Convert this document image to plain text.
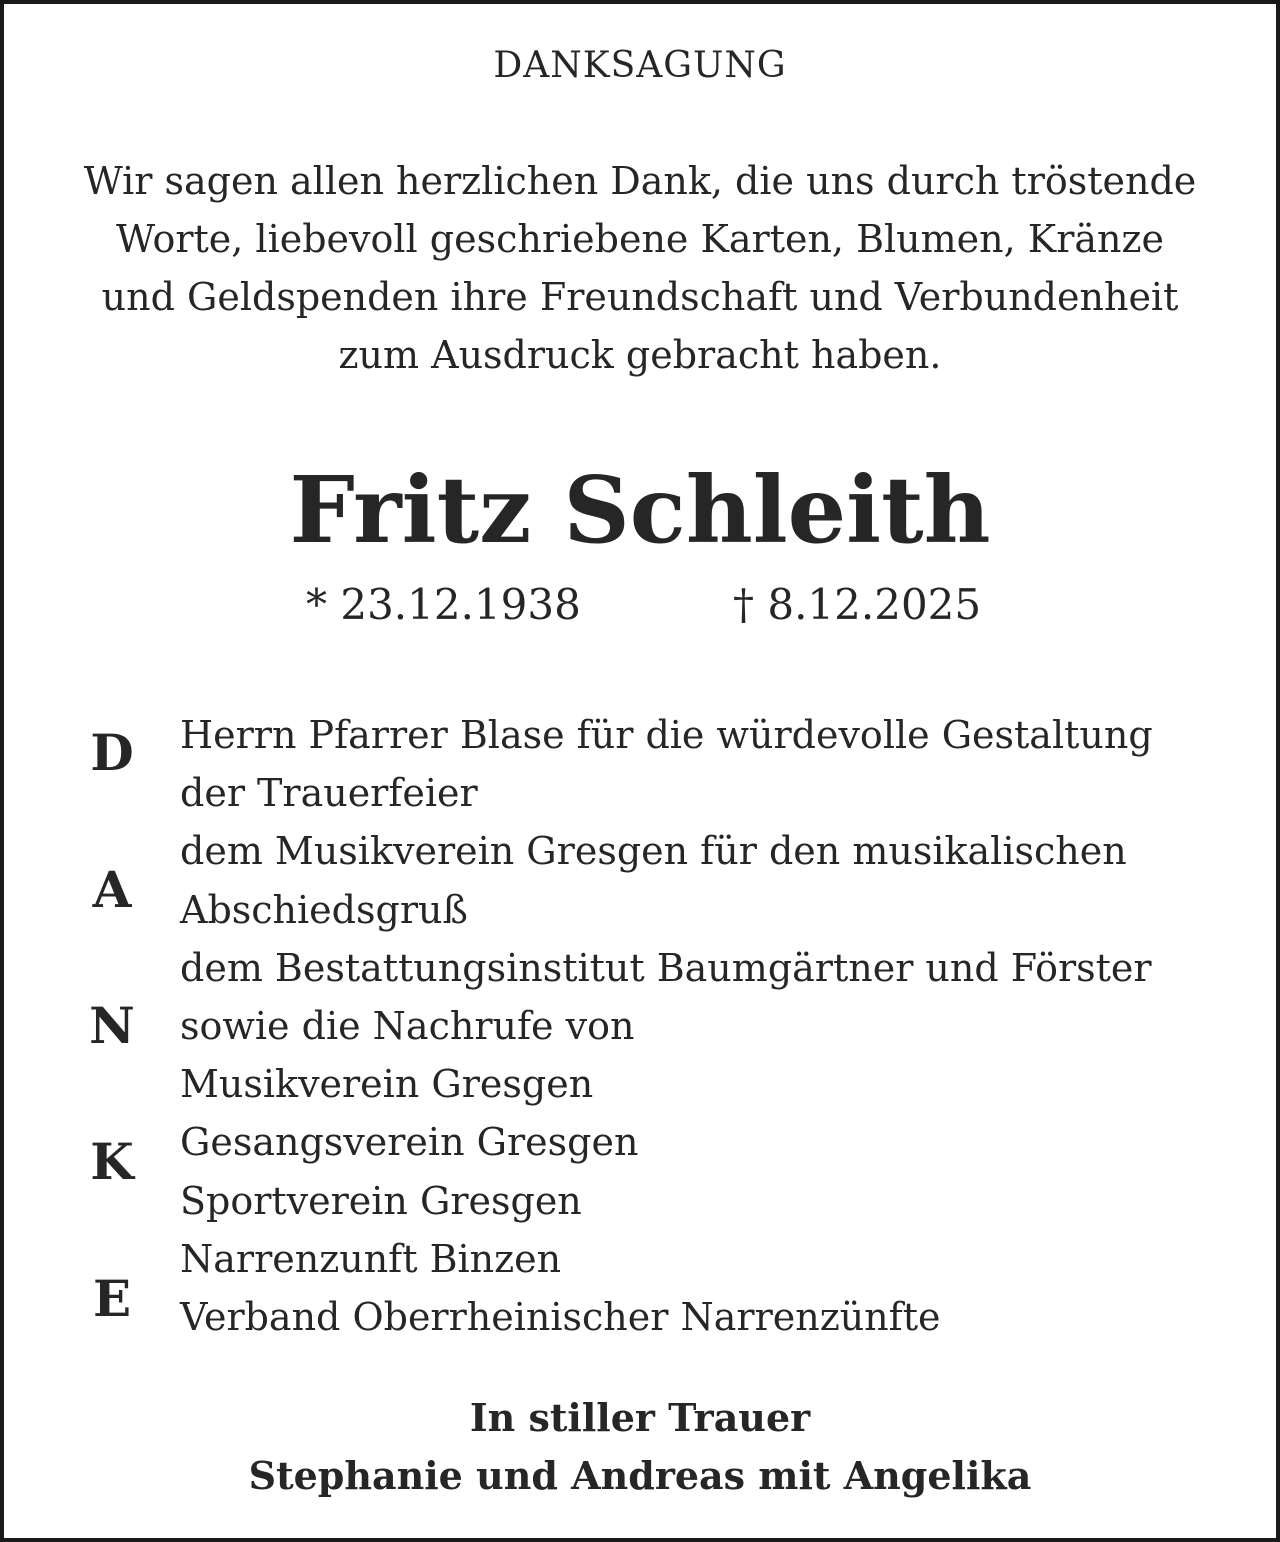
DANKSAGUNG
Wir sagen allen herzlichen Dank, die uns durch tröstende
Worte, liebevoll geschriebene Karten, Blumen, Kränze
und Geldspenden ihre Freundschaft und Verbundenheit
zum Ausdruck gebracht haben.
Fritz Schleith
* 23.12.1938	† 8.12.2025
D
A
N
K
E
Herrn Pfarrer Blase für die würdevolle Gestaltung
der Trauerfeier
dem Musikverein Gresgen für den musikalischen
Abschiedsgruß
dem Bestattungsinstitut Baumgärtner und Förster
sowie die Nachrufe von
Musikverein Gresgen
Gesangsverein Gresgen
Sportverein Gresgen
Narrenzunft Binzen
Verband Oberrheinischer Narrenzünfte
In stiller Trauer
Stephanie und Andreas mit Angelika
